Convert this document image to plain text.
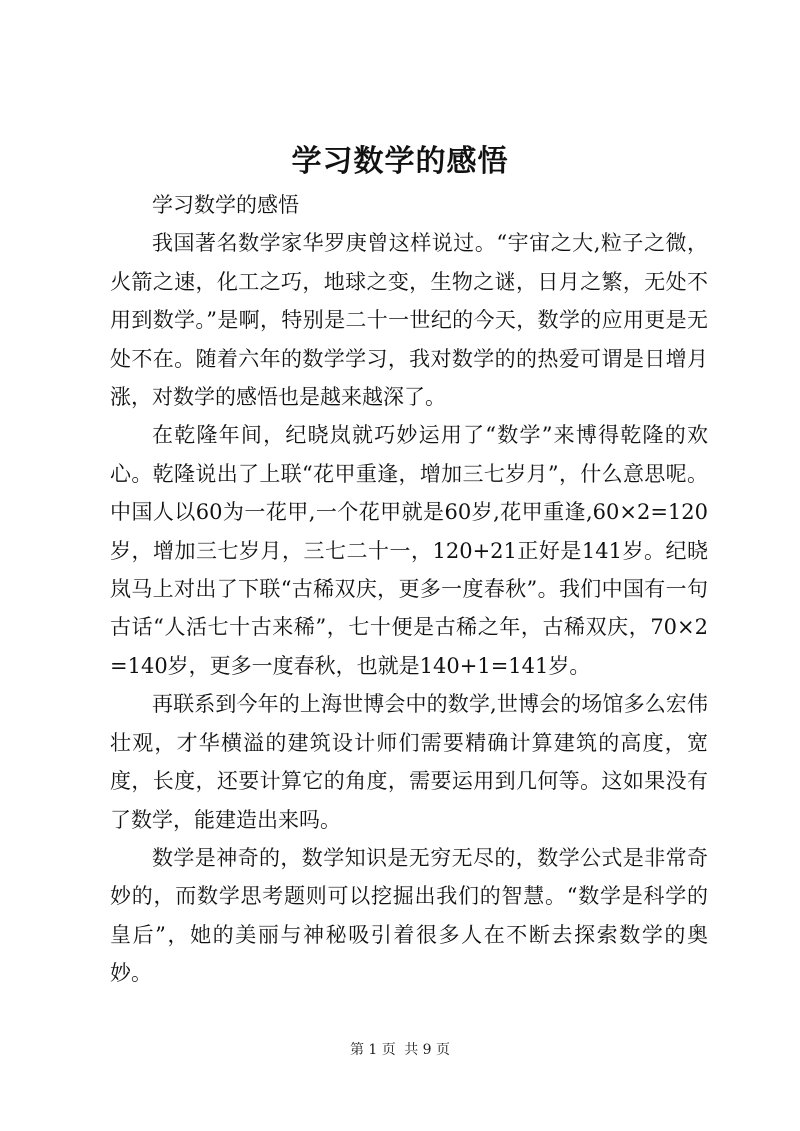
学习数学的感悟

学习数学的感悟

我国著名数学家华罗庚曾这样说过。“宇宙之大,粒子之微，火箭之速，化工之巧，地球之变，生物之谜，日月之繁，无处不用到数学。”是啊，特别是二十一世纪的今天，数学的应用更是无处不在。随着六年的数学学习，我对数学的的热爱可谓是日增月涨，对数学的感悟也是越来越深了。

在乾隆年间，纪晓岚就巧妙运用了“数学”来博得乾隆的欢心。乾隆说出了上联“花甲重逢，增加三七岁月”，什么意思呢。中国人以60为一花甲,一个花甲就是60岁,花甲重逢,60×2=120岁，增加三七岁月，三七二十一，120+21正好是141岁。纪晓岚马上对出了下联“古稀双庆，更多一度春秋”。我们中国有一句古话“人活七十古来稀”，七十便是古稀之年，古稀双庆，70×2=140岁，更多一度春秋，也就是140+1=141岁。

再联系到今年的上海世博会中的数学,世博会的场馆多么宏伟壮观，才华横溢的建筑设计师们需要精确计算建筑的高度，宽度，长度，还要计算它的角度，需要运用到几何等。这如果没有了数学，能建造出来吗。

数学是神奇的，数学知识是无穷无尽的，数学公式是非常奇妙的，而数学思考题则可以挖掘出我们的智慧。“数学是科学的皇后”，她的美丽与神秘吸引着很多人在不断去探索数学的奥妙。

第 1 页 共 9 页
